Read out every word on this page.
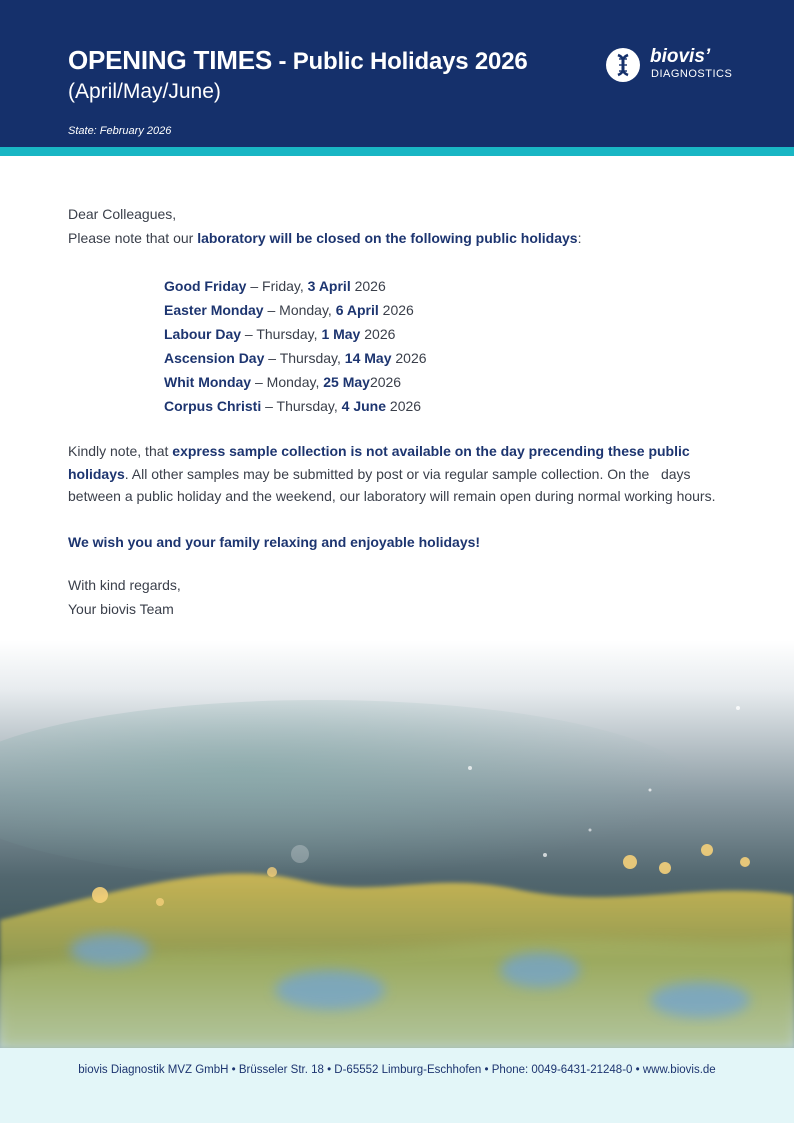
OPENING TIMES - Public Holidays 2026
(April/May/June)
State: February 2026
biovis’
DIAGNOSTICS
Dear Colleagues,
Please note that our laboratory will be closed on the following public holidays:
Good Friday – Friday, 3 April 2026
Easter Monday – Monday, 6 April 2026
Labour Day – Thursday, 1 May 2026
Ascension Day – Thursday, 14 May 2026
Whit Monday – Monday, 25 May2026
Corpus Christi – Thursday, 4 June 2026
Kindly note, that express sample collection is not available on the day precending these public holidays. All other samples may be submitted by post or via regular sample collection. On the   days between a public holiday and the weekend, our laboratory will remain open during normal working hours.
We wish you and your family relaxing and enjoyable holidays!
With kind regards,
Your biovis Team
biovis Diagnostik MVZ GmbH • Brüsseler Str. 18 • D-65552 Limburg-Eschhofen • Phone: 0049-6431-21248-0 • www.biovis.de
